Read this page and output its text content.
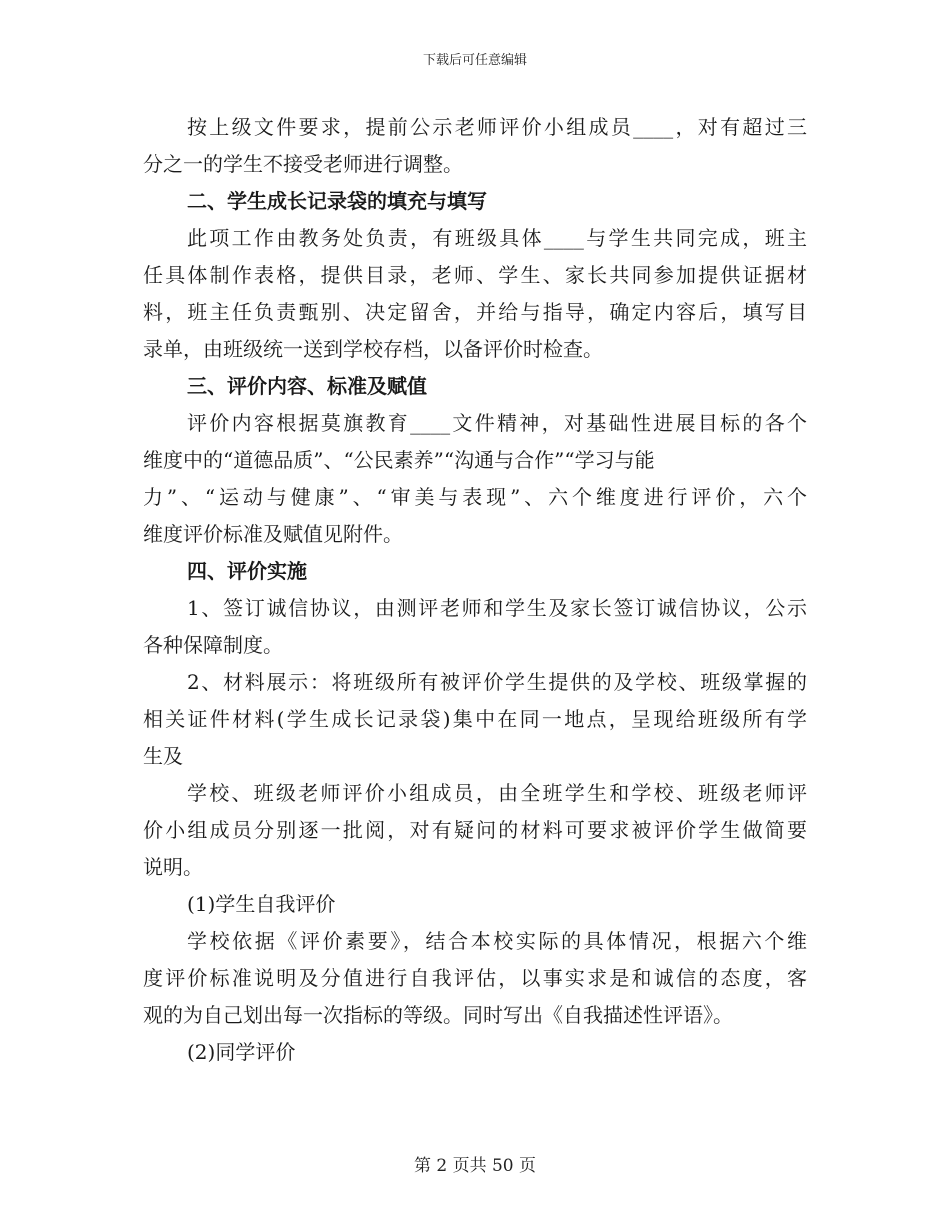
下载后可任意编辑
按上级文件要求，提前公示老师评价小组成员____，对有超过三
分之一的学生不接受老师进行调整。
二、学生成长记录袋的填充与填写
此项工作由教务处负责，有班级具体____与学生共同完成，班主
任具体制作表格，提供目录，老师、学生、家长共同参加提供证据材
料，班主任负责甄别、决定留舍，并给与指导，确定内容后，填写目
录单，由班级统一送到学校存档，以备评价时检查。
三、评价内容、标准及赋值
评价内容根据莫旗教育____文件精神，对基础性进展目标的各个
维度中的“道德品质”、“公民素养”“沟通与合作”“学习与能
力”、“运动与健康”、“审美与表现”、六个维度进行评价，六个
维度评价标准及赋值见附件。
四、评价实施
1、签订诚信协议，由测评老师和学生及家长签订诚信协议，公示
各种保障制度。
2、材料展示：将班级所有被评价学生提供的及学校、班级掌握的
相关证件材料(学生成长记录袋)集中在同一地点，呈现给班级所有学
生及
学校、班级老师评价小组成员，由全班学生和学校、班级老师评
价小组成员分别逐一批阅，对有疑问的材料可要求被评价学生做简要
说明。
(1)学生自我评价
学校依据《评价素要》，结合本校实际的具体情况，根据六个维
度评价标准说明及分值进行自我评估，以事实求是和诚信的态度，客
观的为自己划出每一次指标的等级。同时写出《自我描述性评语》。
(2)同学评价
第 2 页共 50 页
